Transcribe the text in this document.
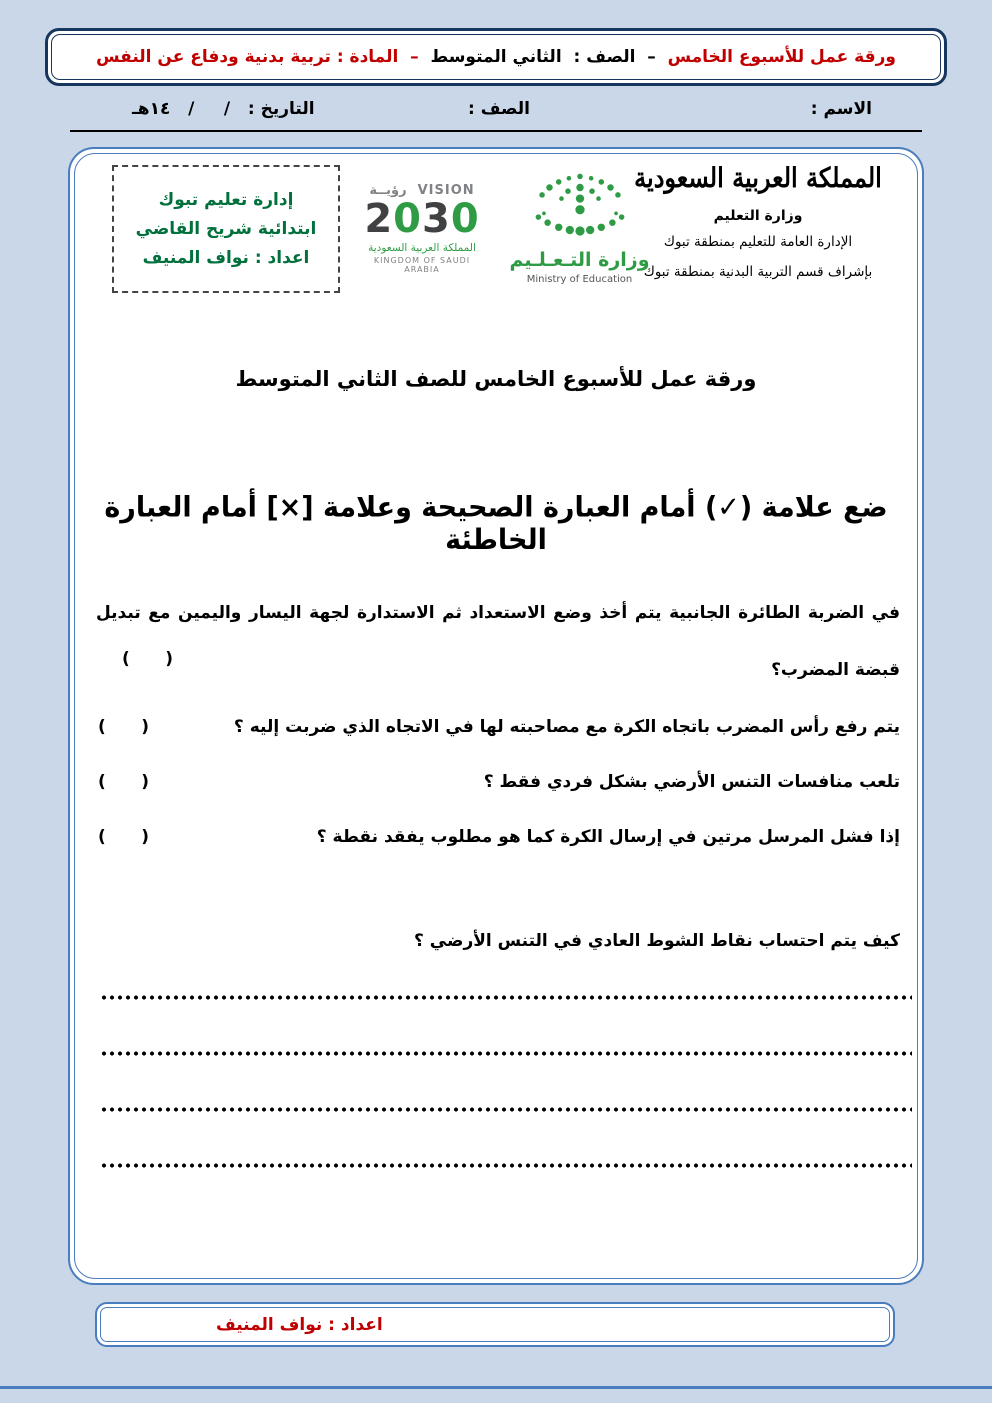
ورقة عمل للأسبوع الخامس
–
الصف :  الثاني المتوسط
–
المادة : تربية بدنية ودفاع عن النفس
الاسم :
الصف :
التاريخ :   /     /   ١٤هـ
المملكة العربية السعودية
وزارة التعليم
الإدارة العامة للتعليم بمنطقة تبوك
بإشراف قسم التربية البدنية بمنطقة تبوك
وزارة التـعـلـيم
Ministry of Education
VISION  رؤيــة
2030
المملكة العربية السعودية
KINGDOM OF SAUDI ARABIA
إدارة تعليم تبوك
ابتدائية شريح القاضي
اعداد : نواف المنيف
ورقة عمل للأسبوع الخامس للصف الثاني المتوسط
ضع علامة (✓) أمام العبارة الصحيحة وعلامة [×] أمام العبارة الخاطئة
في الضربة الطائرة الجانبية يتم أخذ وضع الاستعداد ثم الاستدارة لجهة اليسار واليمين مع تبديل قبضة المضرب؟
(      )
يتم رفع رأس المضرب باتجاه الكرة مع مصاحبته لها في الاتجاه الذي ضربت إليه ؟
(      )
تلعب منافسات التنس الأرضي بشكل فردي فقط ؟
(      )
إذا فشل المرسل مرتين في إرسال الكرة كما هو مطلوب يفقد نقطة ؟
(      )
كيف يتم احتساب نقاط الشوط العادي في التنس الأرضي ؟
اعداد : نواف المنيف
